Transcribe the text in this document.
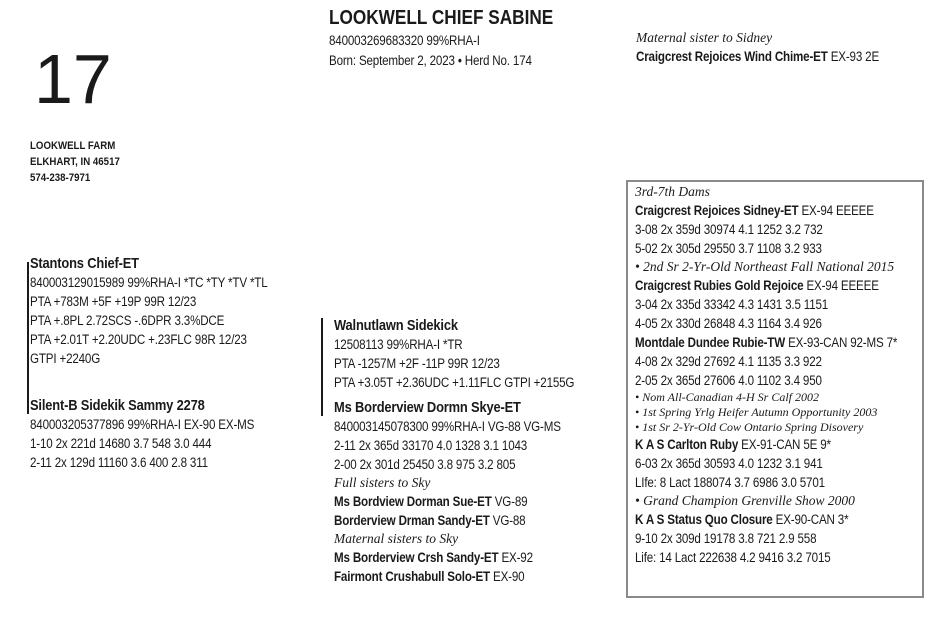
17
LOOKWELL CHIEF SABINE
840003269683320 99%RHA-I
Born: September 2, 2023 • Herd No. 174
LOOKWELL FARM
ELKHART, IN 46517
574-238-7971
Maternal sister to Sidney
Craigcrest Rejoices Wind Chime-ET EX-93 2E
Stantons Chief-ET
840003129015989 99%RHA-I *TC *TY *TV *TL
PTA +783M +5F +19P 99R 12/23
PTA +.8PL 2.72SCS -.6DPR 3.3%DCE
PTA +2.01T +2.20UDC +.23FLC 98R 12/23
GTPI +2240G
Silent-B Sidekik Sammy 2278
840003205377896 99%RHA-I EX-90 EX-MS
1-10 2x 221d 14680 3.7 548 3.0 444
2-11 2x 129d 11160 3.6 400 2.8 311
Walnutlawn Sidekick
12508113 99%RHA-I *TR
PTA -1257M +2F -11P 99R 12/23
PTA +3.05T +2.36UDC +1.11FLC GTPI +2155G
Ms Borderview Dormn Skye-ET
840003145078300 99%RHA-I VG-88 VG-MS
2-11 2x 365d 33170 4.0 1328 3.1 1043
2-00 2x 301d 25450 3.8 975 3.2 805
Full sisters to Sky
Ms Bordview Dorman Sue-ET VG-89
Borderview Drman Sandy-ET VG-88
Maternal sisters to Sky
Ms Borderview Crsh Sandy-ET EX-92
Fairmont Crushabull Solo-ET EX-90
3rd-7th Dams
Craigcrest Rejoices Sidney-ET EX-94 EEEEE
3-08 2x 359d 30974 4.1 1252 3.2 732
5-02 2x 305d 29550 3.7 1108 3.2 933
• 2nd Sr 2-Yr-Old Northeast Fall National 2015
Craigcrest Rubies Gold Rejoice EX-94 EEEEE
3-04 2x 335d 33342 4.3 1431 3.5 1151
4-05 2x 330d 26848 4.3 1164 3.4 926
Montdale Dundee Rubie-TW EX-93-CAN 92-MS 7*
4-08 2x 329d 27692 4.1 1135 3.3 922
2-05 2x 365d 27606 4.0 1102 3.4 950
• Nom All-Canadian 4-H Sr Calf 2002
• 1st Spring Yrlg Heifer Autumn Opportunity 2003
• 1st Sr 2-Yr-Old Cow Ontario Spring Disovery
K A S Carlton Ruby EX-91-CAN 5E 9*
6-03 2x 365d 30593 4.0 1232 3.1 941
LIfe: 8 Lact 188074 3.7 6986 3.0 5701
• Grand Champion Grenville Show 2000
K A S Status Quo Closure EX-90-CAN 3*
9-10 2x 309d 19178 3.8 721 2.9 558
Life: 14 Lact 222638 4.2 9416 3.2 7015
